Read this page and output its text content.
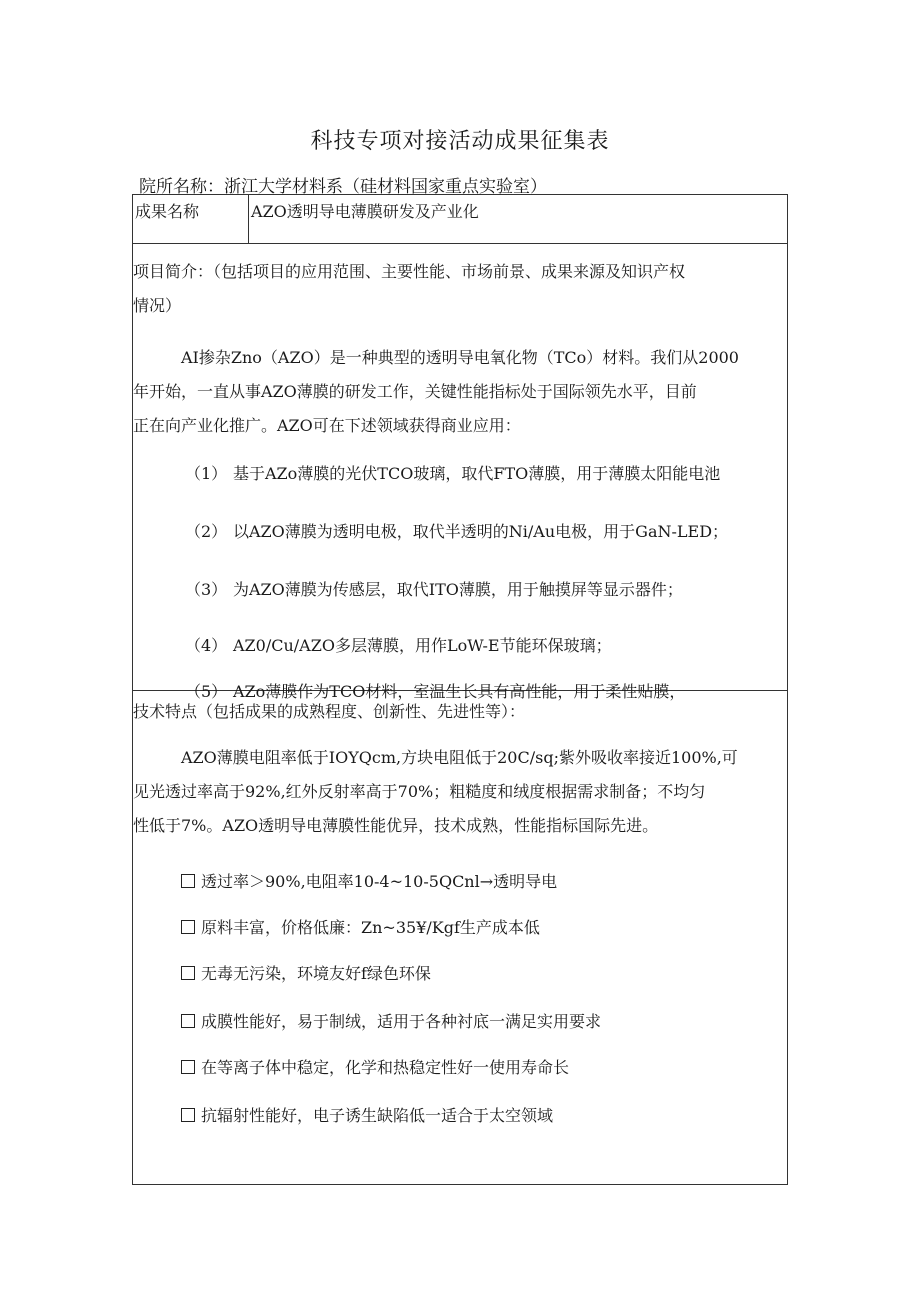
科技专项对接活动成果征集表
院所名称：浙江大学材料系（硅材料国家重点实验室）
成果名称	AZO透明导电薄膜研发及产业化
项目简介：（包括项目的应用范围、主要性能、市场前景、成果来源及知识产权
情况）
AI掺杂Zno（AZO）是一种典型的透明导电氧化物（TCo）材料。我们从2000
年开始，一直从事AZO薄膜的研发工作，关键性能指标处于国际领先水平，目前
正在向产业化推广。AZO可在下述领域获得商业应用：
（1） 基于AZo薄膜的光伏TCO玻璃，取代FTO薄膜，用于薄膜太阳能电池
（2） 以AZO薄膜为透明电极，取代半透明的Ni/Au电极，用于GaN-LED；
（3） 为AZO薄膜为传感层，取代ITO薄膜，用于触摸屏等显示器件；
（4） AZ0∕Cu∕AZO多层薄膜，用作LoW-E节能环保玻璃；
（5） AZo薄膜作为TCO材料，室温生长具有高性能，用于柔性贴膜，
技术特点（包括成果的成熟程度、创新性、先进性等）：
AZO薄膜电阻率低于IOYQcm,方块电阻低于20C∕sq;紫外吸收率接近100%,可
见光透过率高于92%,红外反射率高于70%；粗糙度和绒度根据需求制备；不均匀
性低于7%。AZO透明导电薄膜性能优异，技术成熟，性能指标国际先进。
透过率＞90%,电阻率10-4~10-5QCnl→透明导电
原料丰富，价格低廉：Zn~35¥/Kgf生产成本低
无毒无污染，环境友好f绿色环保
成膜性能好，易于制绒，适用于各种衬底一满足实用要求
在等离子体中稳定，化学和热稳定性好一使用寿命长
抗辐射性能好，电子诱生缺陷低一适合于太空领域
